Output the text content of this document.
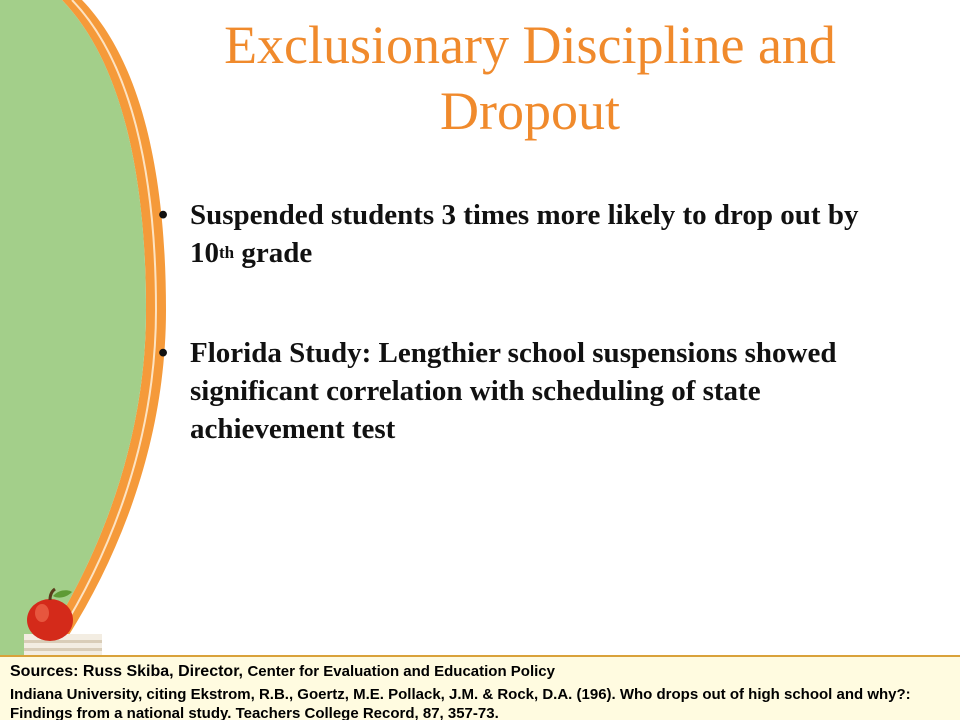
Exclusionary Discipline and Dropout
• Suspended students 3 times more likely to drop out by 10th grade
• Florida Study: Lengthier school suspensions showed significant correlation with scheduling of state achievement test
Sources: Russ Skiba, Director, Center for Evaluation and Education Policy
Indiana University, citing Ekstrom, R.B., Goertz, M.E. Pollack, J.M. & Rock, D.A. (196). Who drops out of high school and why?: Findings from a national study. Teachers College Record, 87, 357-73.
